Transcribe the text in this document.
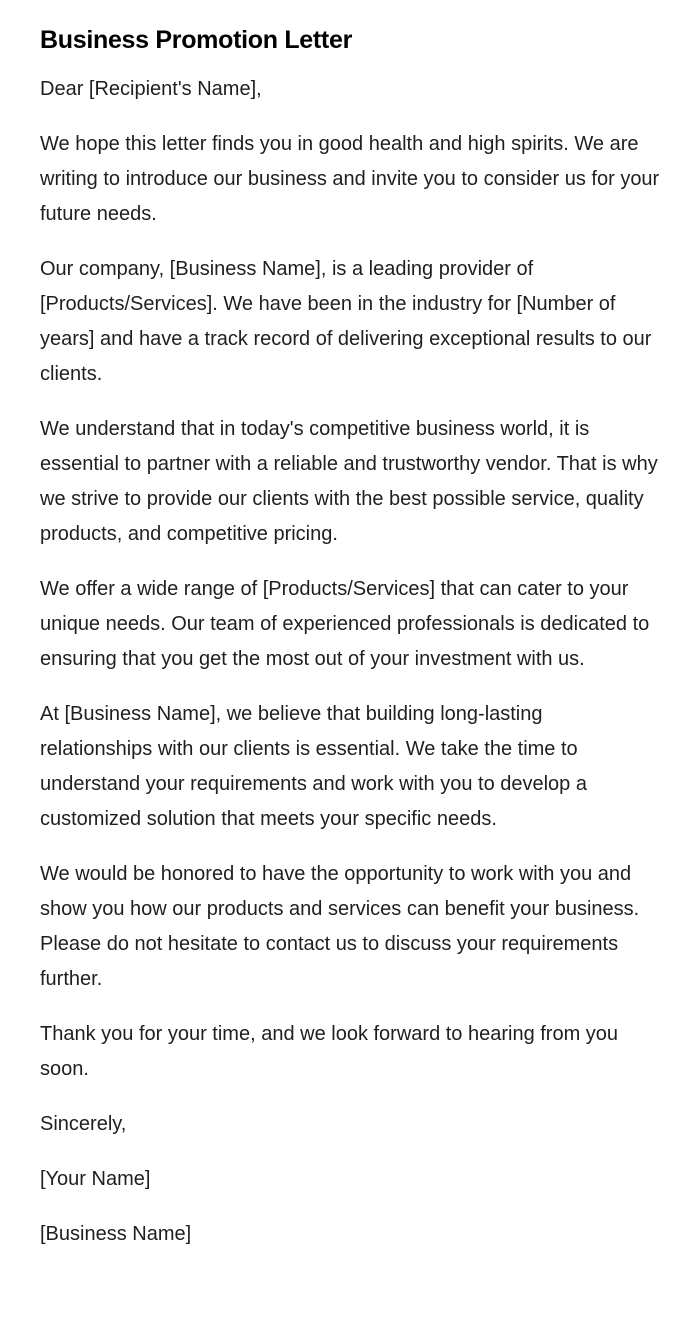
Business Promotion Letter

Dear [Recipient's Name],

We hope this letter finds you in good health and high spirits. We are writing to introduce our business and invite you to consider us for your future needs.

Our company, [Business Name], is a leading provider of [Products/Services]. We have been in the industry for [Number of years] and have a track record of delivering exceptional results to our clients.

We understand that in today's competitive business world, it is essential to partner with a reliable and trustworthy vendor. That is why we strive to provide our clients with the best possible service, quality products, and competitive pricing.

We offer a wide range of [Products/Services] that can cater to your unique needs. Our team of experienced professionals is dedicated to ensuring that you get the most out of your investment with us.

At [Business Name], we believe that building long-lasting relationships with our clients is essential. We take the time to understand your requirements and work with you to develop a customized solution that meets your specific needs.

We would be honored to have the opportunity to work with you and show you how our products and services can benefit your business. Please do not hesitate to contact us to discuss your requirements further.

Thank you for your time, and we look forward to hearing from you soon.

Sincerely,

[Your Name]

[Business Name]
